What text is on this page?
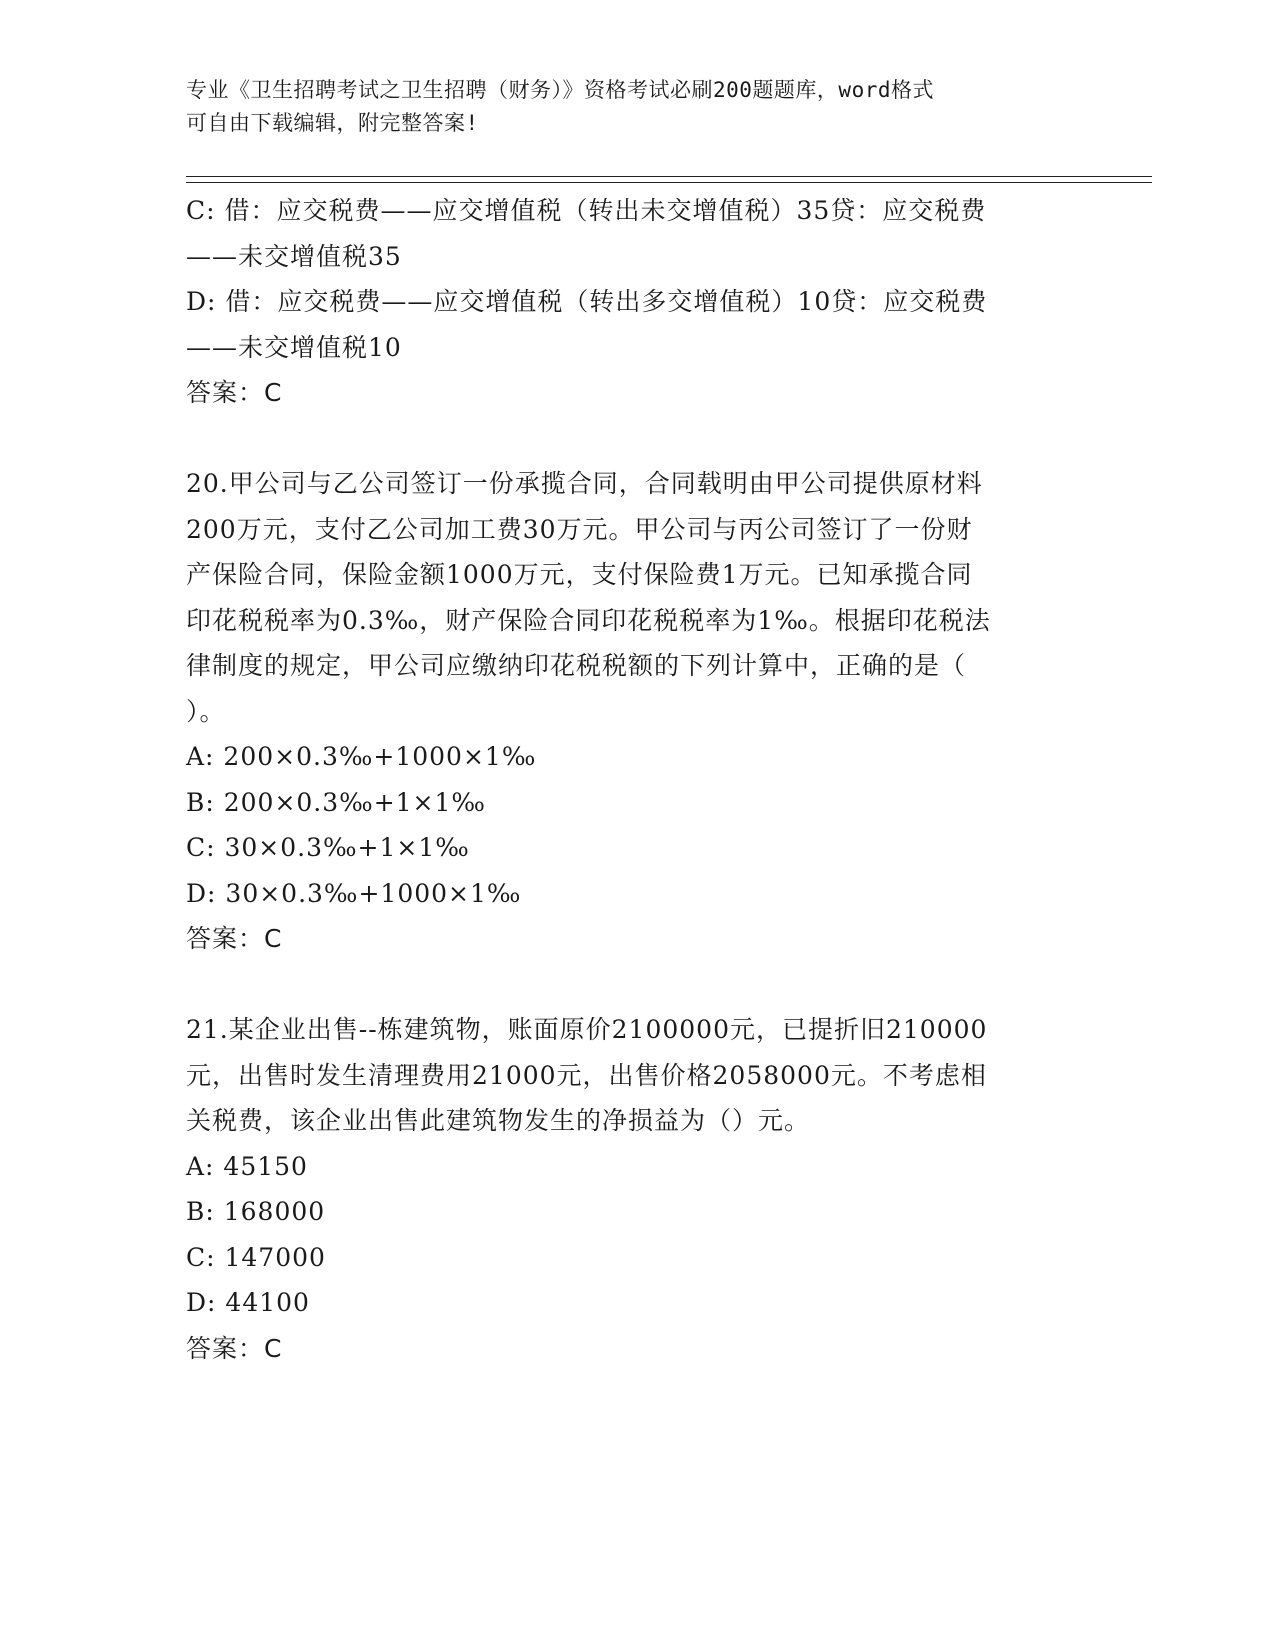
专业《卫生招聘考试之卫生招聘（财务）》资格考试必刷200题题库，word格式
可自由下载编辑，附完整答案!
C: 借：应交税费——应交增值税（转出未交增值税）35贷：应交税费
——未交增值税35
D: 借：应交税费——应交增值税（转出多交增值税）10贷：应交税费
——未交增值税10
答案：C
20.甲公司与乙公司签订一份承揽合同，合同载明由甲公司提供原材料
200万元，支付乙公司加工费30万元。甲公司与丙公司签订了一份财
产保险合同，保险金额1000万元，支付保险费1万元。已知承揽合同
印花税税率为0.3‰，财产保险合同印花税税率为1‰。根据印花税法
律制度的规定，甲公司应缴纳印花税税额的下列计算中，正确的是（
）。
A: 200×0.3‰+1000×1‰
B: 200×0.3‰+1×1‰
C: 30×0.3‰+1×1‰
D: 30×0.3‰+1000×1‰
答案：C
21.某企业出售--栋建筑物，账面原价2100000元，已提折旧210000
元，出售时发生清理费用21000元，出售价格2058000元。不考虑相
关税费，该企业出售此建筑物发生的净损益为（）元。
A: 45150
B: 168000
C: 147000
D: 44100
答案：C
